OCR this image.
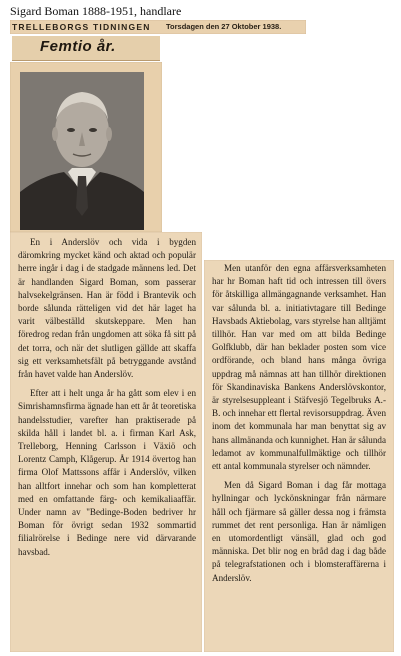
Sigard Boman 1888-1951, handlare
TRELLEBORGS TIDNINGEN Torsdagen den 27 Oktober 1938.
Femtio år.

En i Anderslöv och vida i bygden däromkring mycket känd och aktad och populär herre ingår i dag i de stadgade männens led. Det är handlanden Sigard Boman, som passerar halvsekelgränsen. Han är född i Brantevik och borde sålunda rätteligen vid det här laget ha varit välbeställd skutskeppare. Men han föredrog redan från ungdomen att söka få sitt på det torra, och när det slutligen gällde att skaffa sig ett verksamhetsfält på betryggande avstånd från havet valde han Anderslöv.

Efter att i helt unga år ha gått som elev i en Simrishamnsfirma ägnade han ett år åt teoretiska handelsstudier, varefter han praktiserade på skilda håll i landet bl. a. i firman Karl Ask, Trelleborg, Henning Carlsson i Växiö och Lorentz Camph, Klågerup. År 1914 övertog han firma Olof Mattssons affär i Anderslöv, vilken han alltfort innehar och som han kompletterat med en omfattande färg- och kemikaliaaffär. Under namn av "Bedinge-Boden bedriver hr Boman för övrigt sedan 1932 sommartid filialrörelse i Bedinge nere vid därvarande havsbad.

Men utanför den egna affärsverksamheten har hr Boman haft tid och intressen till övers för åtskilliga allmängagnande verksamhet. Han var sålunda bl. a. initiativtagare till Bedinge Havsbads Aktiebolag, vars styrelse han alltjämt tillhör. Han var med om att bilda Bedinge Golfklubb, där han beklader posten som vice ordförande, och bland hans många övriga uppdrag må nämnas att han tillhör direktionen för Skandinaviska Bankens Anderslövskontor, är styrelsesuppleant i Stäfvesjö Tegelbruks A.-B. och innehar ett flertal revisorsuppdrag. Även inom det kommunala har man benyttat sig av hans allmänanda och kunnighet. Han är sålunda ledamot av kommunalfullmäktige och tillhör ett antal kommunala styrelser och nämnder.

Men då Sigard Boman i dag får mottaga hyllningar och lyckönskningar från närmare håll och fjärmare så gäller dessa nog i främsta rummet det rent personliga. Han är nämligen en utomordentligt vänsäll, glad och god människa. Det blir nog en bråd dag i dag både på telegrafstationen och i blomsteraffärerna i Anderslöv.
